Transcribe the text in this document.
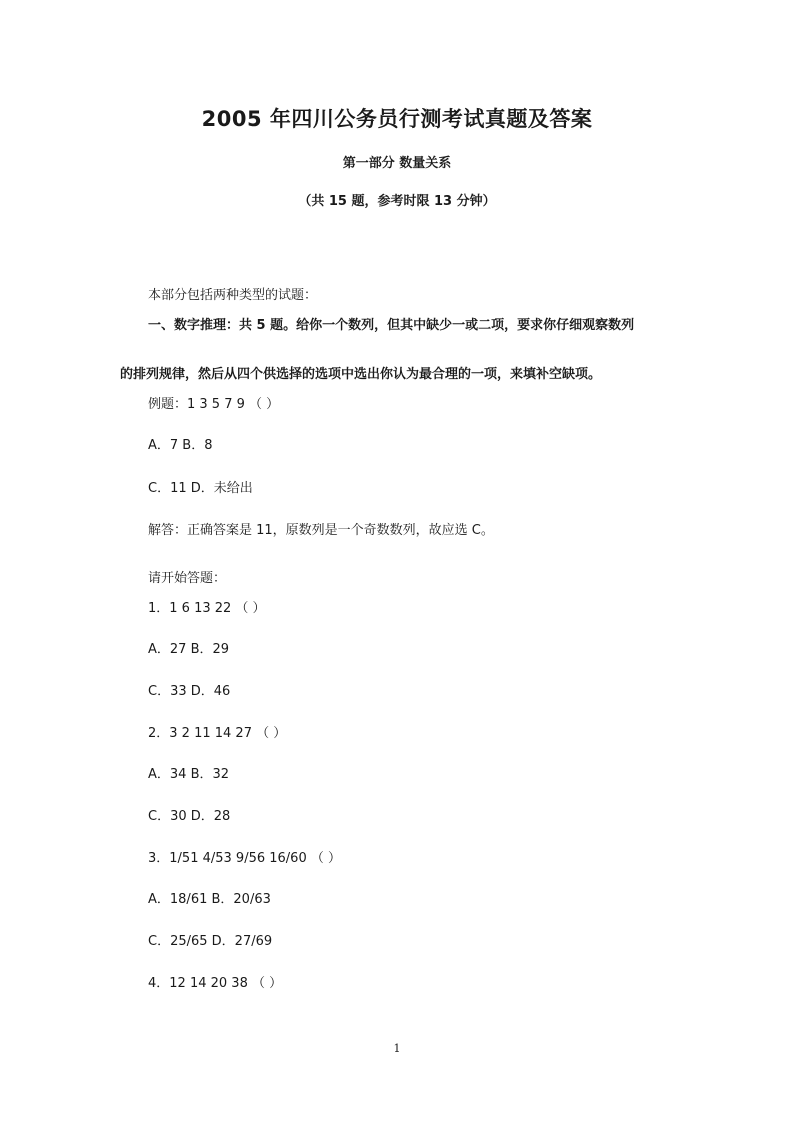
2005 年四川公务员行测考试真题及答案
第一部分 数量关系
（共 15 题，参考时限 13 分钟）
本部分包括两种类型的试题：
一、数字推理：共 5 题。给你一个数列，但其中缺少一或二项，要求你仔细观察数列
的排列规律，然后从四个供选择的选项中选出你认为最合理的一项，来填补空缺项。
例题：1 3 5 7 9 （ ）
A．7 B．8
C．11 D．未给出
解答：正确答案是 11，原数列是一个奇数数列，故应选 C。
请开始答题：
1．1 6 13 22 （ ）
A．27 B．29
C．33 D．46
2．3 2 11 14 27 （ ）
A．34 B．32
C．30 D．28
3．1/51 4/53 9/56 16/60 （ ）
A．18/61 B．20/63
C．25/65 D．27/69
4．12 14 20 38 （ ）
1
